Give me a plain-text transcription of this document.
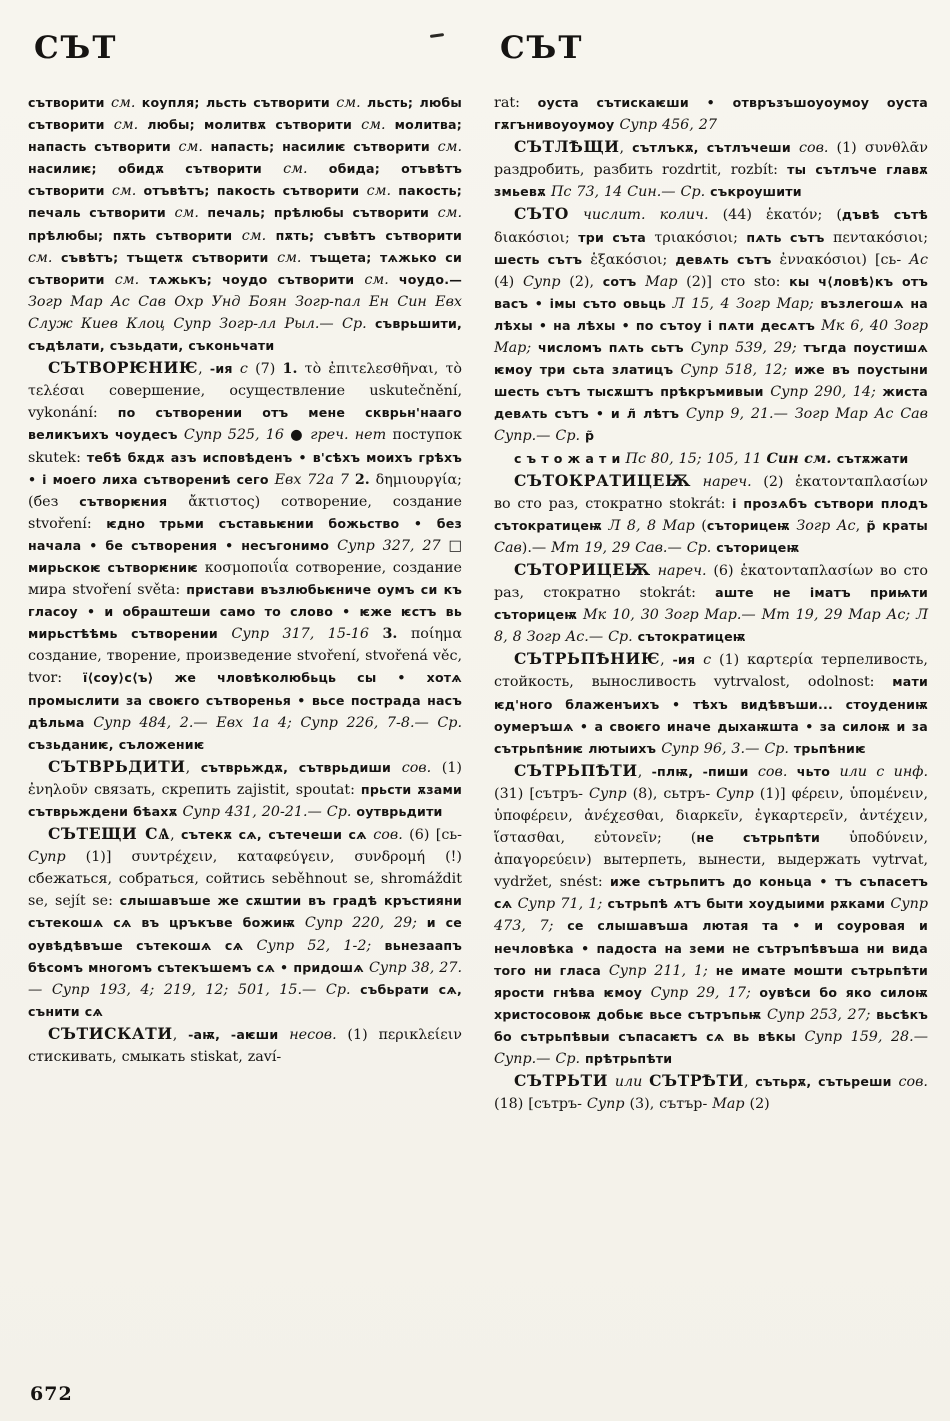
СЪТ

сътворити см. коупля; льсть сътворити см. льсть; любы сътворити см. любы; молитвѫ сътворити см. молитва; напасть сътворити см. напасть; насилиѥ сътворити см. насилиѥ; обидѫ сътворити см. обида; отъвѣтъ сътворити см. отъвѣтъ; пакость сътворити см. пакость; печаль сътворити см. печаль; прѣлюбы сътворити см. прѣлюбы; пѫть сътворити см. пѫть; съвѣтъ сътворити см. съвѣтъ; тъщетѫ сътворити см. тъщета; тѧжько си сътворити см. тѧжькъ; чоудо сътворити см. чоудо.— Зогр Мар Ас Сав Охр Унд Боян Зогр-пал Ен Син Евх Служ Киев Клоц Супр Зогр-лл Рыл.— Ср. съврьшити, съдѣлати, съзьдати, съконьчати

СЪТВОРѤНИѤ, -ия с (7) 1. τὸ ἐπιτελεσθῆναι, τὸ τελέσαι совершение, осуществление uskutečnění, vykonání: по сътворении отъ мене скврьн'нааго великъихъ чоудесъ Супр 525, 16 ● греч. нет поступок skutek: тебѣ бѫдѫ азъ исповѣденъ • в'сѣхъ моихъ грѣхъ • і моего лиха сътворениѣ сего Евх 72а 7 2. δημιουργία; (без сътворѥния ἄκτιστος) сотворение, создание stvoření: ѥдно трьми съставьѥнии божьство • без начала • бе сътворения • несъгонимо Супр 327, 27 □ мирьскоѥ сътворѥниѥ κοσμοποιΐα сотворение, создание мира stvoření světa: пристави възлюбьѥниче оумъ си къ гласоу • и обраштеши само то слово • ѥже ѥстъ вь мирьстѣѣмь сътворении Супр 317, 15-16 3. ποίημα создание, творение, произведение stvoření, stvořená věc, tvor: ї⟨соу⟩с⟨ъ⟩ же чловѣколюбьць сы • хотѧ промыслити за своѥго сътворенья • вьсе пострада насъ дѣльма Супр 484, 2.— Евх 1а 4; Супр 226, 7-8.— Ср. съзьданиѥ, съложениѥ

СЪТВРЬДИТИ, сътврьждѫ, сътврьдиши сов. (1) ἐνηλοῦν связать, скрепить zajistit, spoutat: прьсти ѫзами сътврьждени бѣахѫ Супр 431, 20-21.— Ср. оутврьдити

СЪТЕЩИ СѦ, сътекѫ сѧ, сътечеши сѧ сов. (6) [сь- Супр (1)] συντρέχειν, καταφεύγειν, συνδρομή (!) сбежаться, собраться, сойтись seběhnout se, shromáždit se, sejít se: слышавъше же сѫштии въ градѣ кръстияни сътекошѧ сѧ въ цръкъве божиѭ Супр 220, 29; и се оувѣдѣвъше сътекошѧ сѧ Супр 52, 1-2; вьнезаапъ бѣсомъ многомъ сътекъшемъ сѧ • придошѧ Супр 38, 27.— Супр 193, 4; 219, 12; 501, 15.— Ср. събьрати сѧ, сънити сѧ

СЪТИСКАТИ, -аѭ, -аѥши несов. (1) περικλείειν стискивать, смыкать stiskat, zaví-

СЪТ

rat: оуста сътискаѥши • отвръзъшоуоумоу оуста гѫгънивоуоумоу Супр 456, 27

СЪТЛѢЩИ, сътлъкѫ, сътлъчеши сов. (1) συνθλᾶν раздробить, разбить rozdrtit, rozbít: ты сътлъче главѫ змьевѫ Пс 73, 14 Син.— Ср. съкроушити

СЪТО числит. колич. (44) ἑκατόν; (дъвѣ сътѣ διακόσιοι; три съта τριακόσιοι; пѧть сътъ πεντακόσιοι; шесть сътъ ἑξακόσιοι; девѧть сътъ ἐννακόσιοι) [сь- Ас (4) Супр (2), сотъ Мар (2)] сто sto: кы ч⟨ловѣ⟩къ отъ васъ • імы съто овьць Л 15, 4 Зогр Мар; възлегошѧ на лѣхы • на лѣхы • по сътоу і пѧти десѧтъ Мк 6, 40 Зогр Мар; числомъ пѧть сьтъ Супр 539, 29; тъгда поустишѧ ѥмоу три сьта златицъ Супр 518, 12; иже въ поустыни шесть сътъ тысѫштъ прѣкръмивыи Супр 290, 14; жиста девѧть сътъ • и л̃ лѣтъ Супр 9, 21.— Зогр Мар Ас Сав Супр.— Ср. р̃

с ъ т о ж а т и Пс 80, 15; 105, 11 Син см. сътѫжати

СЪТОКРАТИЦЕѬ нареч. (2) ἑκατονταπλασίων во сто раз, стократно stokrát: і прозѧбъ сътвори плодъ сътократицеѭ Л 8, 8 Мар (съторицеѭ Зогр Ас, р̃ краты Сав).— Мт 19, 29 Сав.— Ср. съторицеѭ

СЪТОРИЦЕѬ нареч. (6) ἑκατονταπλασίων во сто раз, стократно stokrát: аште не іматъ приѩти съторицеѭ Мк 10, 30 Зогр Мар.— Мт 19, 29 Мар Ас; Л 8, 8 Зогр Ас.— Ср. сътократицеѭ

СЪТРЬПѢНИѤ, -ия с (1) καρτερία терпеливость, стойкость, выносливость vytrvalost, odolnost: мати ѥд'ного блаженъихъ • тѣхъ видѣвъши... стоудениѭ оумеръшѧ • а своѥго иначе дыхаѭшта • за силоѭ и за сътрьпѣниѥ лютыихъ Супр 96, 3.— Ср. трьпѣниѥ

СЪТРЬПѢТИ, -плѭ, -пиши сов. чьто или с инф. (31) [сътръ- Супр (8), сьтръ- Супр (1)] φέρειν, ὑπομένειν, ὑποφέρειν, ἀνέχεσθαι, διαρκεῖν, ἐγκαρτερεῖν, ἀντέχειν, ἵστασθαι, εὐτονεῖν; (не сътрьпѣти ὑποδύνειν, ἀπαγορεύειν) вытерпеть, вынести, выдержать vytrvat, vydržet, snést: иже сътрьпитъ до коньца • тъ съпасетъ сѧ Супр 71, 1; сътрьпѣ ѧтъ быти хоудыими рѫками Супр 473, 7; се слышавъша лютая та • и соуровая и нечловѣка • падоста на земи не сътръпѣвъша ни вида того ни гласа Супр 211, 1; не имате мошти сътрьпѣти ярости гнѣва ѥмоу Супр 29, 17; оувѣси бо яко силоѭ христосовоѭ добьѥ вьсе сътръпьѭ Супр 253, 27; вьсѣкъ бо сътрьпѣвыи съпасаѥтъ сѧ вь вѣкы Супр 159, 28.— Супр.— Ср. прѣтрьпѣти

СЪТРЬТИ или СЪТРѢТИ, сътьрѫ, сътьреши сов. (18) [сътръ- Супр (3), сътър- Мар (2)

672
